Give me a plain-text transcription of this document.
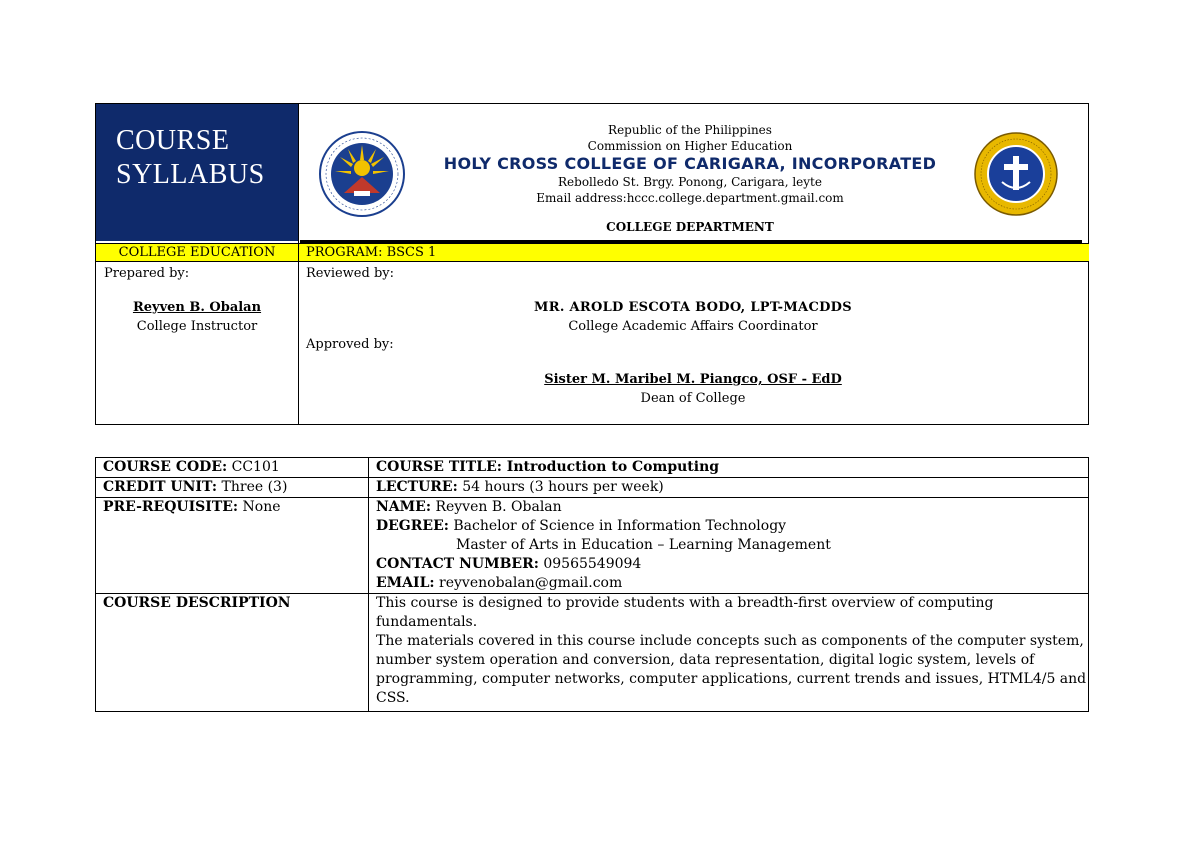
COURSE
SYLLABUS
Republic of the Philippines
Commission on Higher Education
HOLY CROSS COLLEGE OF CARIGARA, INCORPORATED
Rebolledo St. Brgy. Ponong, Carigara, leyte
Email address:hccc.college.department.gmail.com
COLLEGE DEPARTMENT
COLLEGE EDUCATION	PROGRAM: BSCS 1
Prepared by:
Reyven B. Obalan
College Instructor
Reviewed by:
MR. AROLD ESCOTA BODO, LPT-MACDDS
College Academic Affairs Coordinator
Approved by:
Sister M. Maribel M. Piangco, OSF - EdD
Dean of College
COURSE CODE: CC101	COURSE TITLE: Introduction to Computing
CREDIT UNIT: Three (3)	LECTURE: 54 hours (3 hours per week)
PRE-REQUISITE: None	NAME: Reyven B. Obalan
DEGREE: Bachelor of Science in Information Technology
Master of Arts in Education – Learning Management
CONTACT NUMBER: 09565549094
EMAIL: reyvenobalan@gmail.com

COURSE DESCRIPTION	This course is designed to provide students with a breadth-first overview of computing fundamentals.
The materials covered in this course include concepts such as components of the computer system,
number system operation and conversion, data representation, digital logic system, levels of
programming, computer networks, computer applications, current trends and issues, HTML4/5 and
CSS.
